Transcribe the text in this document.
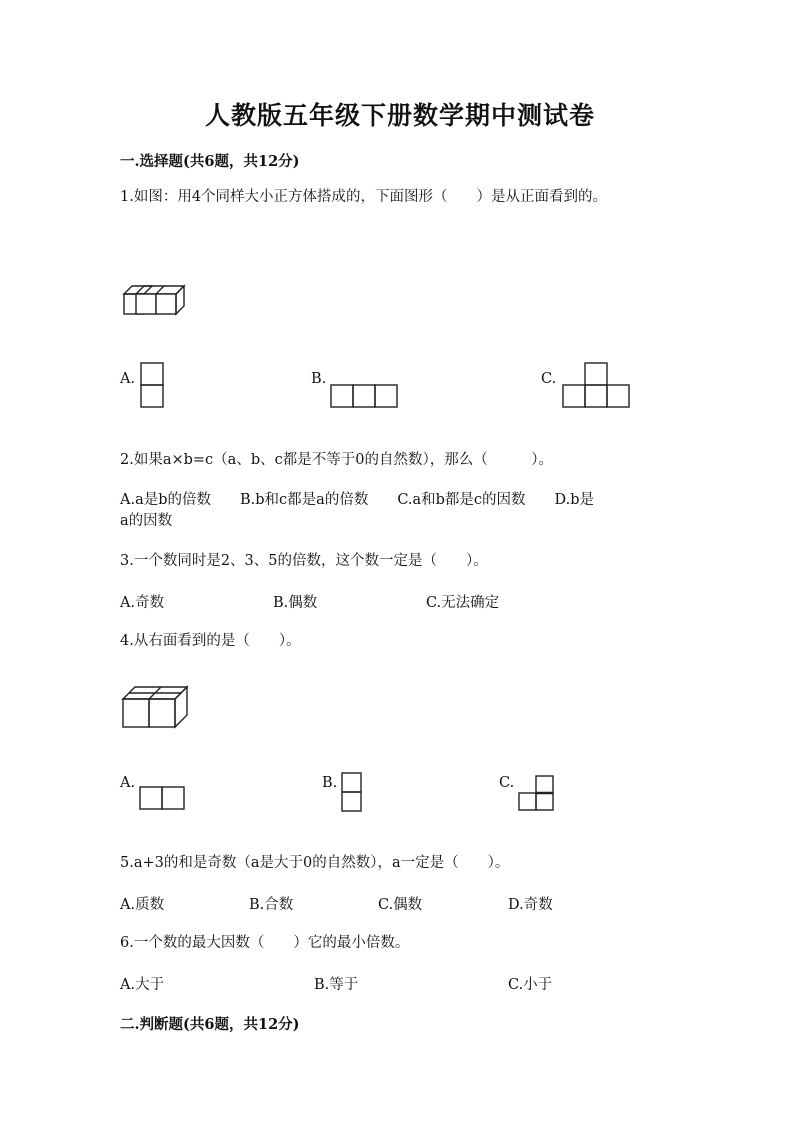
人教版五年级下册数学期中测试卷
一.选择题(共6题，共12分)
1.如图：用4个同样大小正方体搭成的，下面图形（　　）是从正面看到的。
A.	B.	C.
2.如果a×b=c（a、b、c都是不等于0的自然数），那么（　　　）。
A.a是b的倍数　　B.b和c都是a的倍数　　C.a和b都是c的因数　　D.b是
a的因数
3.一个数同时是2、3、5的倍数，这个数一定是（　　）。
A.奇数	B.偶数	C.无法确定
4.从右面看到的是（　　）。
A.	B.	C.
5.a+3的和是奇数（a是大于0的自然数），a一定是（　　）。
A.质数	B.合数	C.偶数	D.奇数
6.一个数的最大因数（　　）它的最小倍数。
A.大于	B.等于	C.小于
二.判断题(共6题，共12分)
